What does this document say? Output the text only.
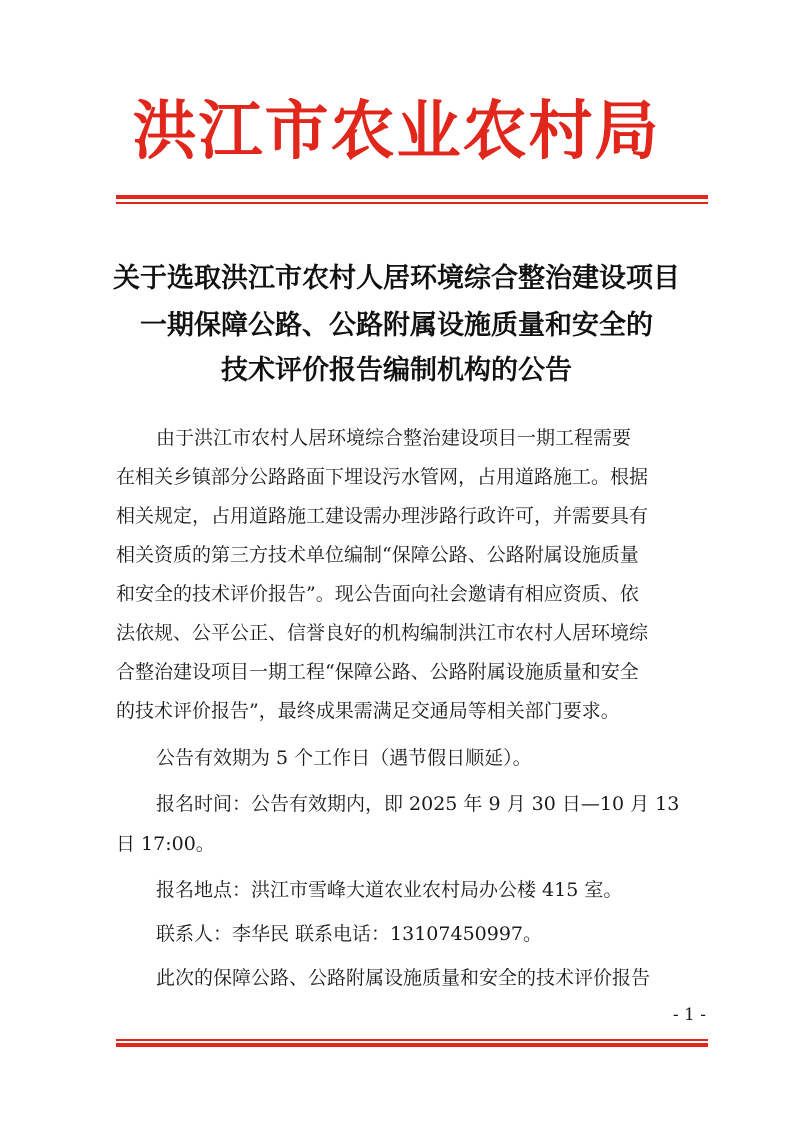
洪江市农业农村局
关于选取洪江市农村人居环境综合整治建设项目
一期保障公路、公路附属设施质量和安全的
技术评价报告编制机构的公告
由于洪江市农村人居环境综合整治建设项目一期工程需要
在相关乡镇部分公路路面下埋设污水管网，占用道路施工。根据
相关规定，占用道路施工建设需办理涉路行政许可，并需要具有
相关资质的第三方技术单位编制“保障公路、公路附属设施质量
和安全的技术评价报告”。现公告面向社会邀请有相应资质、依
法依规、公平公正、信誉良好的机构编制洪江市农村人居环境综
合整治建设项目一期工程“保障公路、公路附属设施质量和安全
的技术评价报告”，最终成果需满足交通局等相关部门要求。
公告有效期为 5 个工作日（遇节假日顺延）。
报名时间：公告有效期内，即 2025 年 9 月 30 日—10 月 13
日 17:00。
报名地点：洪江市雪峰大道农业农村局办公楼 415 室。
联系人：李华民 联系电话：13107450997。
此次的保障公路、公路附属设施质量和安全的技术评价报告
- 1 -
